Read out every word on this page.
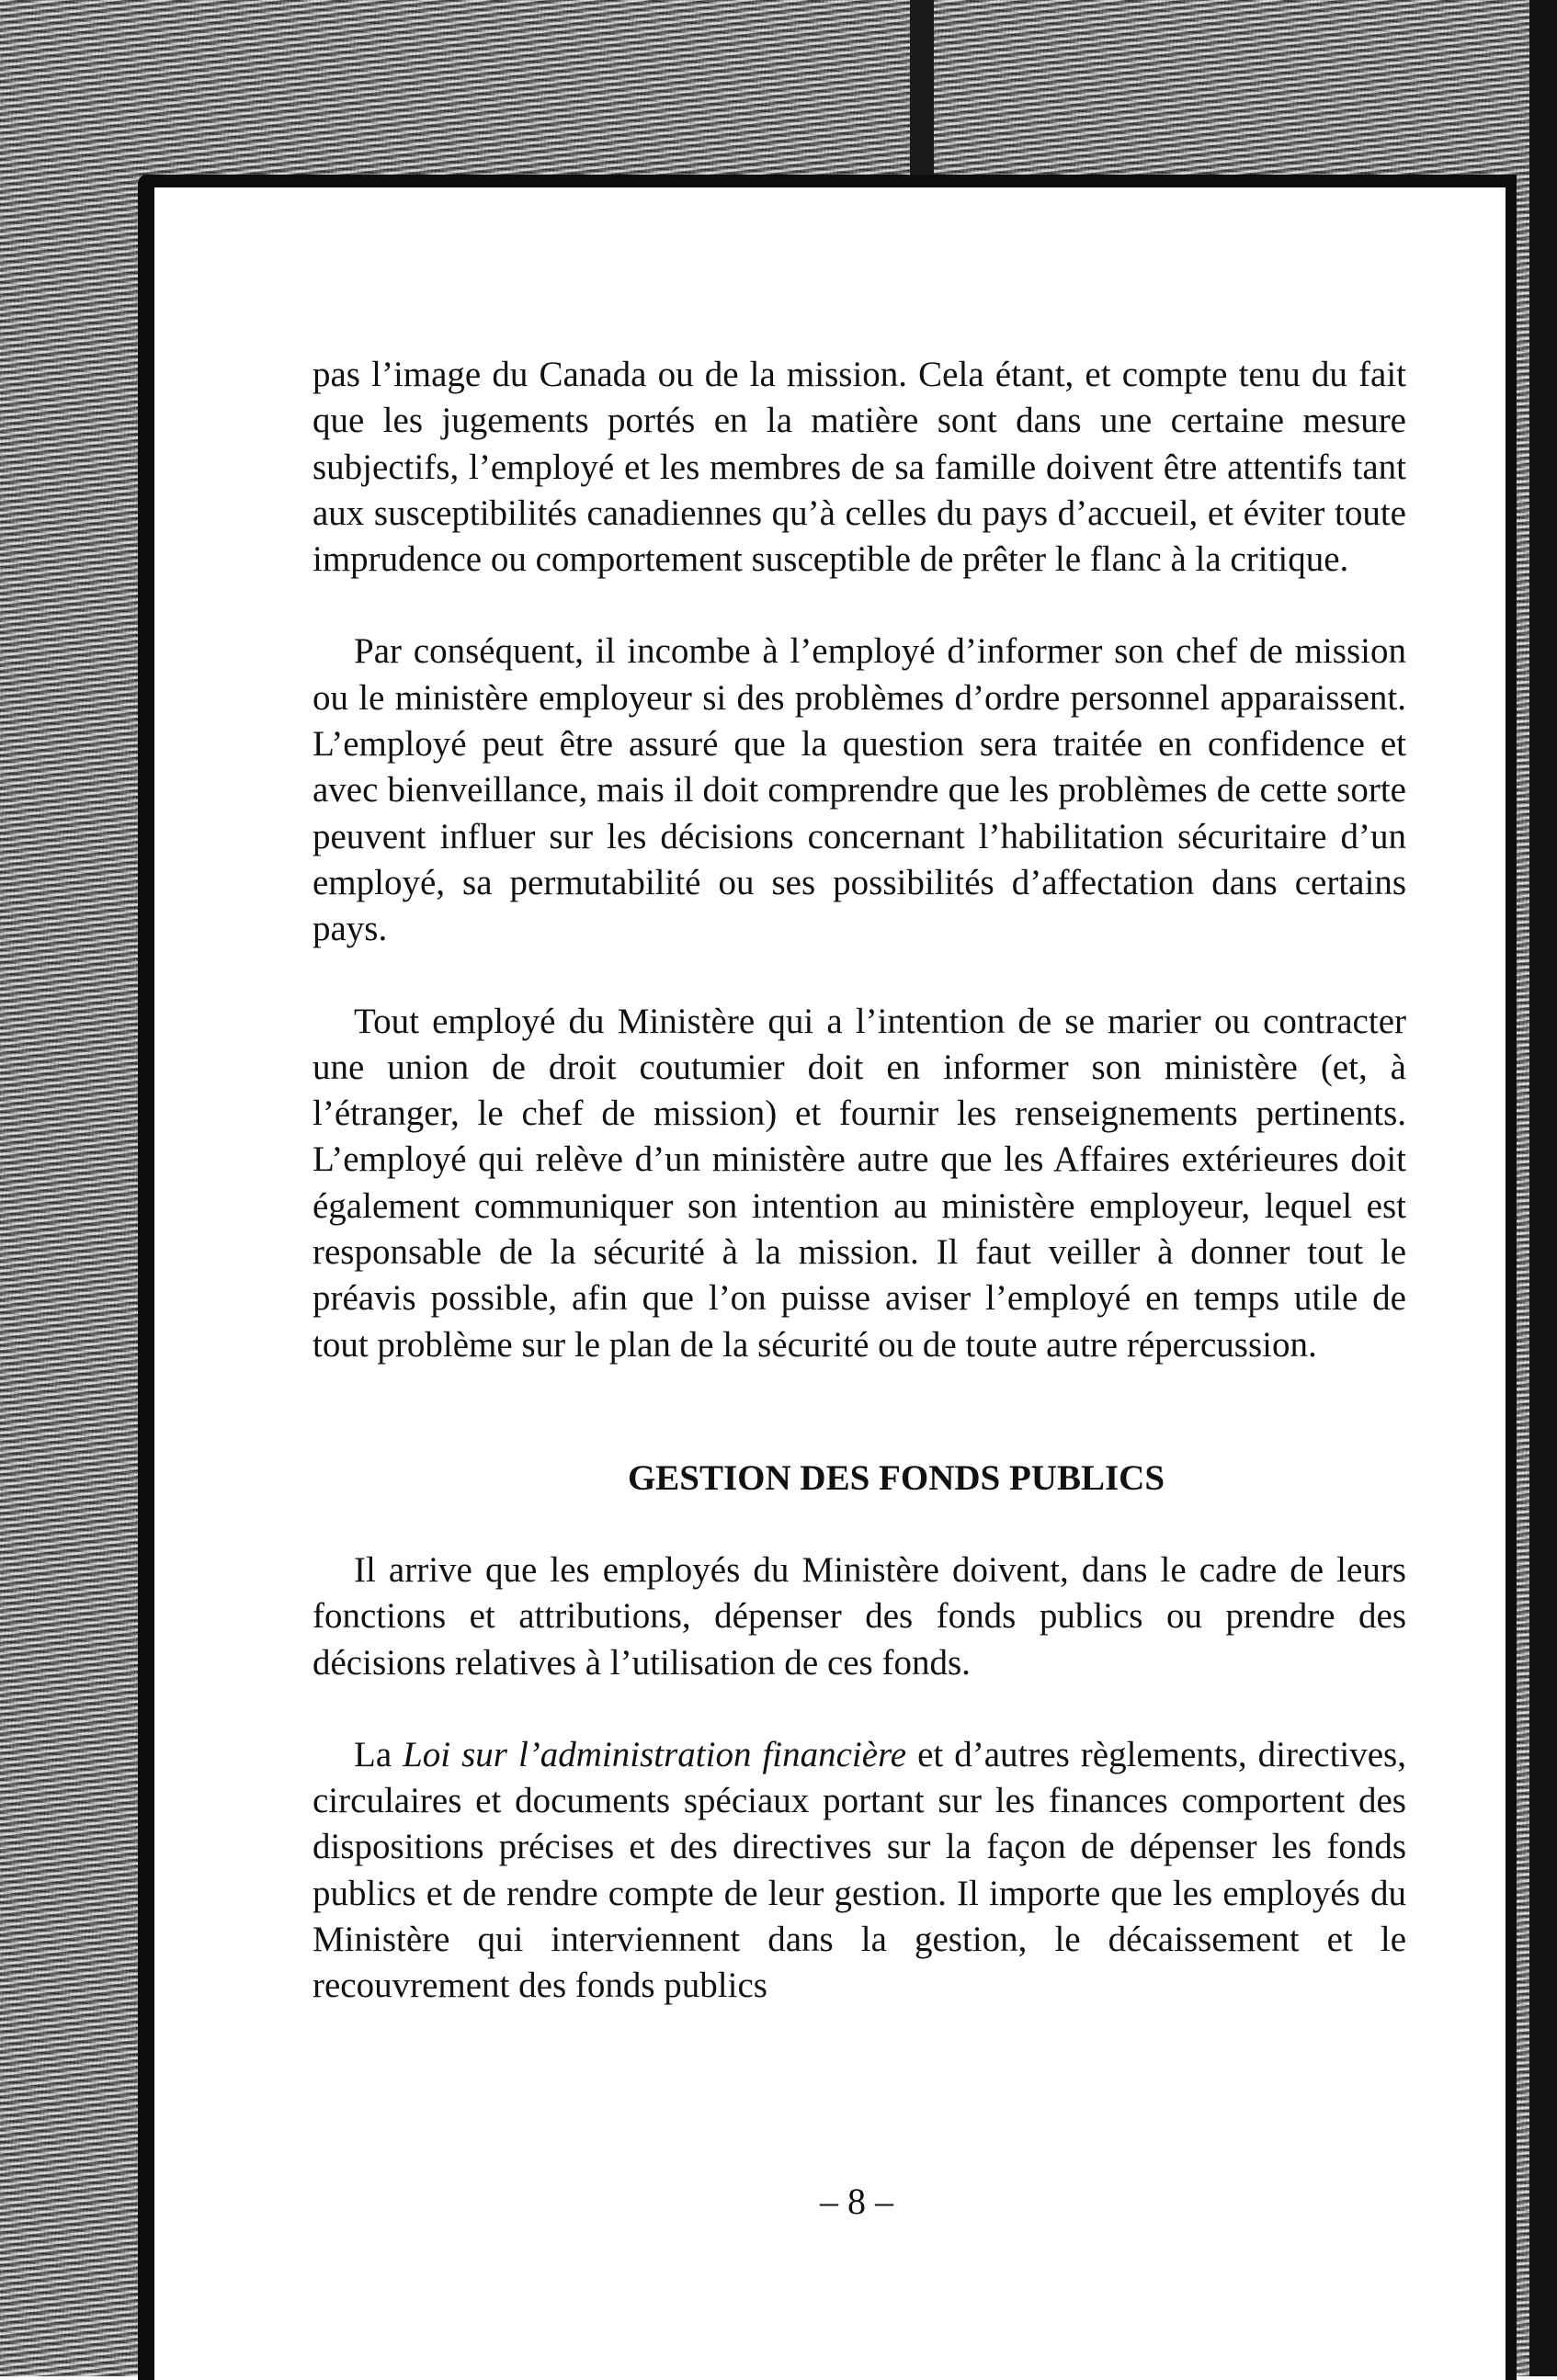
pas l’image du Canada ou de la mission. Cela étant, et compte tenu du fait que les jugements portés en la matière sont dans une certaine mesure subjectifs, l’employé et les membres de sa famille doivent être attentifs tant aux susceptibilités canadiennes qu’à celles du pays d’accueil, et éviter toute imprudence ou comportement susceptible de prêter le flanc à la critique.

Par conséquent, il incombe à l’employé d’informer son chef de mission ou le ministère employeur si des problèmes d’ordre personnel apparaissent. L’employé peut être assuré que la question sera traitée en confidence et avec bienveillance, mais il doit comprendre que les problèmes de cette sorte peuvent influer sur les décisions concernant l’habilitation sécuritaire d’un employé, sa permutabilité ou ses possibilités d’affectation dans certains pays.

Tout employé du Ministère qui a l’intention de se marier ou contracter une union de droit coutumier doit en informer son ministère (et, à l’étranger, le chef de mission) et fournir les renseignements pertinents. L’employé qui relève d’un ministère autre que les Affaires extérieures doit également communiquer son intention au ministère employeur, lequel est responsable de la sécurité à la mission. Il faut veiller à donner tout le préavis possible, afin que l’on puisse aviser l’employé en temps utile de tout problème sur le plan de la sécurité ou de toute autre répercussion.

GESTION DES FONDS PUBLICS

Il arrive que les employés du Ministère doivent, dans le cadre de leurs fonctions et attributions, dépenser des fonds publics ou prendre des décisions relatives à l’utilisation de ces fonds.

La Loi sur l’administration financière et d’autres règlements, directives, circulaires et documents spéciaux portant sur les finances comportent des dispositions précises et des directives sur la façon de dépenser les fonds publics et de rendre compte de leur gestion. Il importe que les employés du Ministère qui interviennent dans la gestion, le décaissement et le recouvrement des fonds publics

– 8 –
